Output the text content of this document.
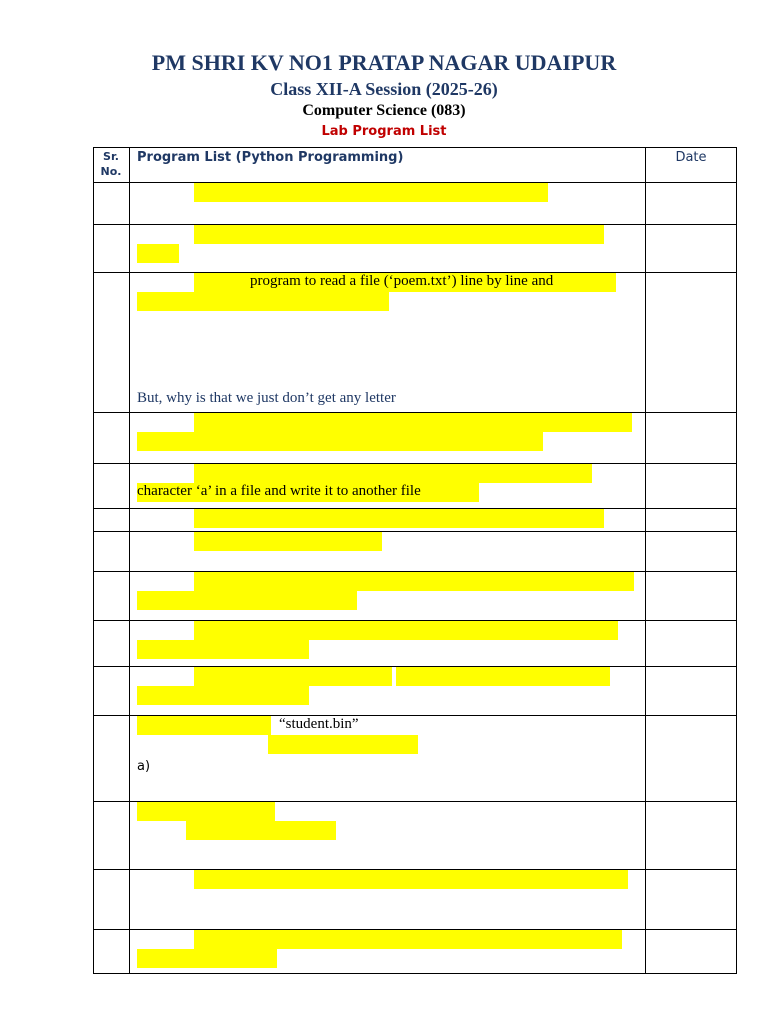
PM SHRI KV NO1 PRATAP NAGAR UDAIPUR
Class XII-A Session (2025-26)
Computer Science (083)
Lab Program List
Sr. No.
Program List (Python Programming)	Date
program to read a file (‘poem.txt’) line by line and
But, why is that we just don’t get any letter
character ‘a’ in a file and write it to another file
“student.bin”
a)
